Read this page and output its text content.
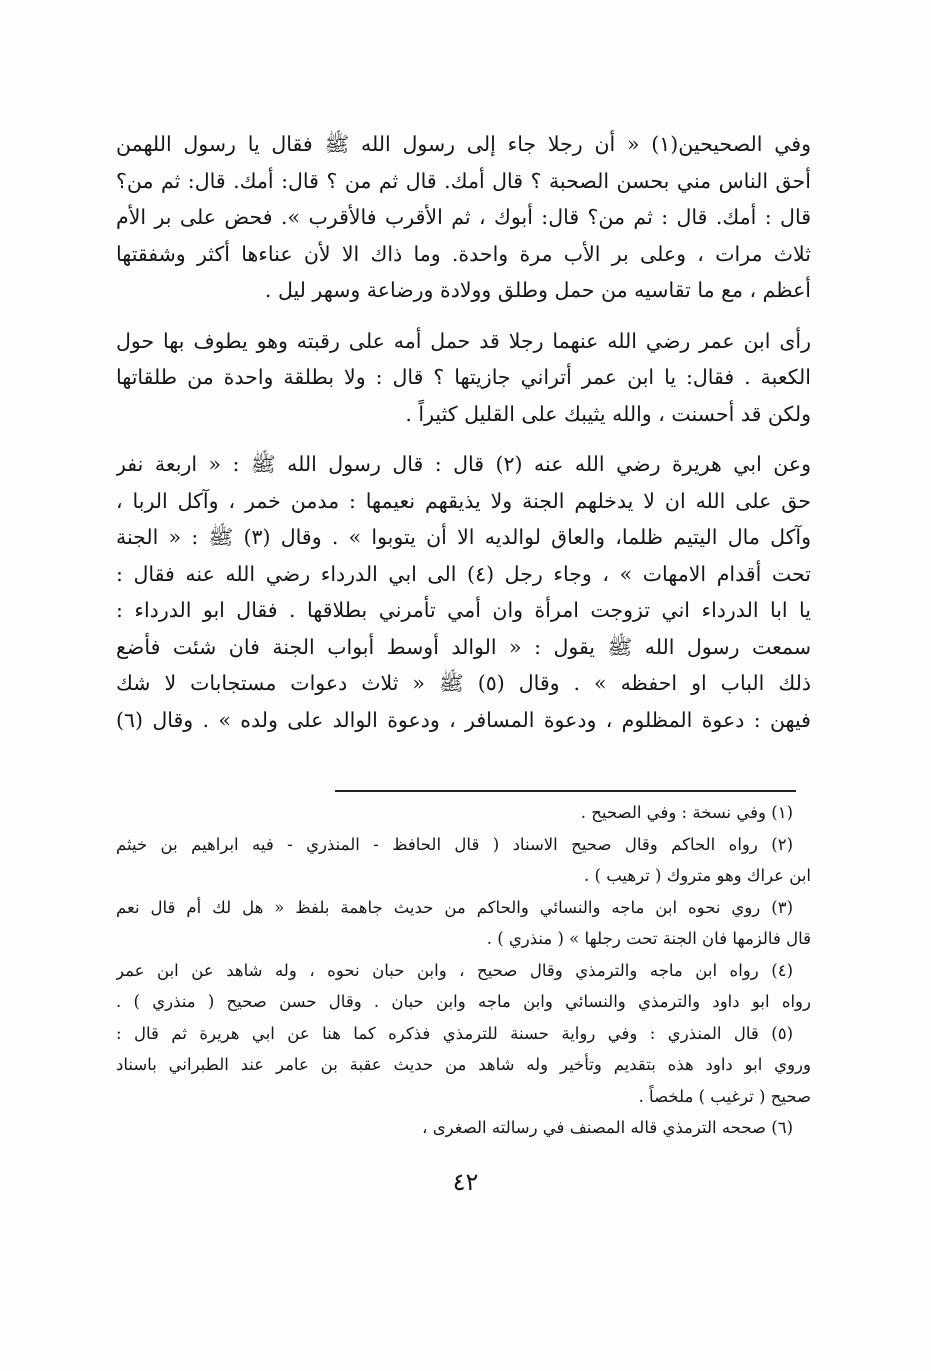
وفي الصحيحين(١) « أن رجلا جاء إلى رسول الله ﷺ فقال يا رسول اللهمن
أحق الناس مني بحسن الصحبة ؟ قال أمك. قال ثم من ؟ قال: أمك. قال: ثم من؟
قال : أمك. قال : ثم من؟ قال: أبوك ، ثم الأقرب فالأقرب ». فحض على بر الأم
ثلاث مرات ، وعلى بر الأب مرة واحدة. وما ذاك الا لأن عناءها أكثر وشفقتها
أعظم ، مع ما تقاسيه من حمل وطلق وولادة ورضاعة وسهر ليل .
رأى ابن عمر رضي الله عنهما رجلا قد حمل أمه على رقبته وهو يطوف بها حول
الكعبة . فقال: يا ابن عمر أتراني جازيتها ؟ قال : ولا بطلقة واحدة من طلقاتها
ولكن قد أحسنت ، والله يثيبك على القليل كثيراً .
وعن ابي هريرة رضي الله عنه (٢) قال : قال رسول الله ﷺ : « اربعة نفر
حق على الله ان لا يدخلهم الجنة ولا يذيقهم نعيمها : مدمن خمر ، وآكل الربا ،
وآكل مال اليتيم ظلما، والعاق لوالديه الا أن يتوبوا » . وقال (٣) ﷺ : « الجنة
تحت أقدام الامهات » ، وجاء رجل (٤) الى ابي الدرداء رضي الله عنه فقال :
يا ابا الدرداء اني تزوجت امرأة وان أمي تأمرني بطلاقها . فقال ابو الدرداء :
سمعت رسول الله ﷺ يقول : « الوالد أوسط أبواب الجنة فان شئت فأضع
ذلك الباب او احفظه » . وقال (٥) ﷺ « ثلاث دعوات مستجابات لا شك
فيهن : دعوة المظلوم ، ودعوة المسافر ، ودعوة الوالد على ولده » . وقال (٦)
(١) وفي نسخة : وفي الصحيح .
(٢) رواه الحاكم وقال صحيح الاسناد ( قال الحافظ - المنذري - فيه ابراهيم بن خيثم
ابن عراك وهو متروك ( ترهيب ) .
(٣) روي نحوه ابن ماجه والنسائي والحاكم من حديث جاهمة بلفظ « هل لك أم قال نعم
قال فالزمها فان الجنة تحت رجلها » ( منذري ) .
(٤) رواه ابن ماجه والترمذي وقال صحيح ، وابن حبان نحوه ، وله شاهد عن ابن عمر
رواه ابو داود والترمذي والنسائي وابن ماجه وابن حبان . وقال حسن صحيح ( منذري ) .
(٥) قال المنذري : وفي رواية حسنة للترمذي فذكره كما هنا عن ابي هريرة ثم قال :
وروي ابو داود هذه بتقديم وتأخير وله شاهد من حديث عقبة بن عامر عند الطبراني باسناد
صحيح ( ترغيب ) ملخصاً .
(٦) صححه الترمذي قاله المصنف في رسالته الصغرى ،
٤٢
